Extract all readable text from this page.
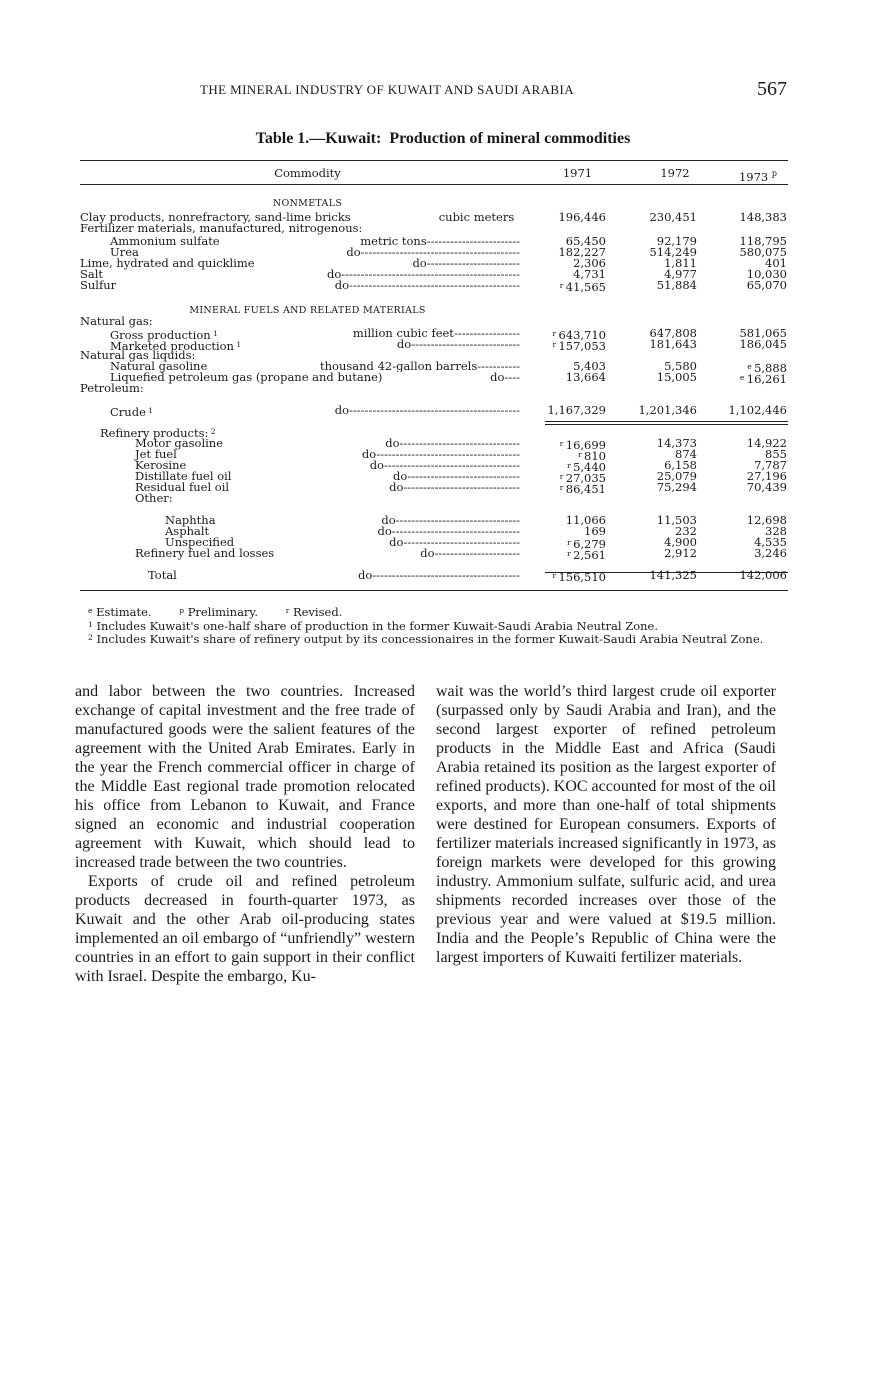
THE MINERAL INDUSTRY OF KUWAIT AND SAUDI ARABIA	567
Table 1.—Kuwait: Production of mineral commodities
Commodity	1971	1972	1973 $^p$
NONMETALS
Clay products, nonrefractory, sand-lime bricks	_cubic meters__	196,446	230,451	148,383
Fertilizer materials, manufactured, nitrogenous:
Ammonium sulfate	------------------------metric tons__	65,450	92,179	118,795
Urea	-----------------------------------------do____	182,227	514,249	580,075
Lime, hydrated and quicklime	------------------------do____	2,306	1,811	401
Salt	----------------------------------------------do____	4,731	4,977	10,030
Sulfur	--------------------------------------------do____	$^r$ 41,565	51,884	65,070
Natural gas:
Gross production $^1$	-----------------million cubic feet__	$^r$ 643,710	647,808	581,065
Marketed production $^1$	----------------------------do____	$^r$ 157,053	181,643	186,045
Natural gas liquids:
Natural gasoline	-----------thousand 42-gallon barrels__	5,403	5,580	$^e$ 5,888
Liquefied petroleum gas (propane and butane)	----do____	13,664	15,005	$^e$ 16,261
Petroleum:
Crude $^1$	--------------------------------------------do____	1,167,329	1,201,346	1,102,446
Refinery products: $^2$
Motor gasoline	-------------------------------do____	$^r$ 16,699	14,373	14,922
Jet fuel	-------------------------------------do____	$^r$ 810	874	855
Kerosine	-----------------------------------do____	$^r$ 5,440	6,158	7,787
Distillate fuel oil	-----------------------------do____	$^r$ 27,035	25,079	27,196
Residual fuel oil	------------------------------do____	$^r$ 86,451	75,294	70,439
Other:
Naphtha	--------------------------------do____	11,066	11,503	12,698
Asphalt	---------------------------------do____	169	232	328
Unspecified	------------------------------do____	$^r$ 6,279	4,900	4,535
Refinery fuel and losses	----------------------do____	$^r$ 2,561	2,912	3,246
Total	--------------------------------------do____	$^r$ 156,510	141,325	142,006
MINERAL FUELS AND RELATED MATERIALS

$^e$ Estimate.	$^p$ Preliminary.	$^r$ Revised.

$^1$ Includes Kuwait's one-half share of production in the former Kuwait-Saudi Arabia Neutral Zone.

$^2$ Includes Kuwait's share of refinery output by its concessionaires in the former Kuwait-Saudi Arabia Neutral Zone.

and labor between the two countries. Increased exchange of capital investment and the free trade of manufactured goods were the salient features of the agreement with the United Arab Emirates. Early in the year the French commercial officer in charge of the Middle East regional trade promotion relocated his office from Lebanon to Kuwait, and France signed an economic and industrial cooperation agreement with Kuwait, which should lead to increased trade between the two countries.

Exports of crude oil and refined petroleum products decreased in fourth-quarter 1973, as Kuwait and the other Arab oil-producing states implemented an oil embargo of “unfriendly” western countries in an effort to gain support in their conflict with Israel. Despite the embargo, Ku-

wait was the world’s third largest crude oil exporter (surpassed only by Saudi Arabia and Iran), and the second largest exporter of refined petroleum products in the Middle East and Africa (Saudi Arabia retained its position as the largest exporter of refined products). KOC accounted for most of the oil exports, and more than one-half of total shipments were destined for European consumers. Exports of fertilizer materials increased significantly in 1973, as foreign markets were developed for this growing industry. Ammonium sulfate, sulfuric acid, and urea shipments recorded increases over those of the previous year and were valued at $19.5 million. India and the People’s Republic of China were the largest importers of Kuwaiti fertilizer materials.
